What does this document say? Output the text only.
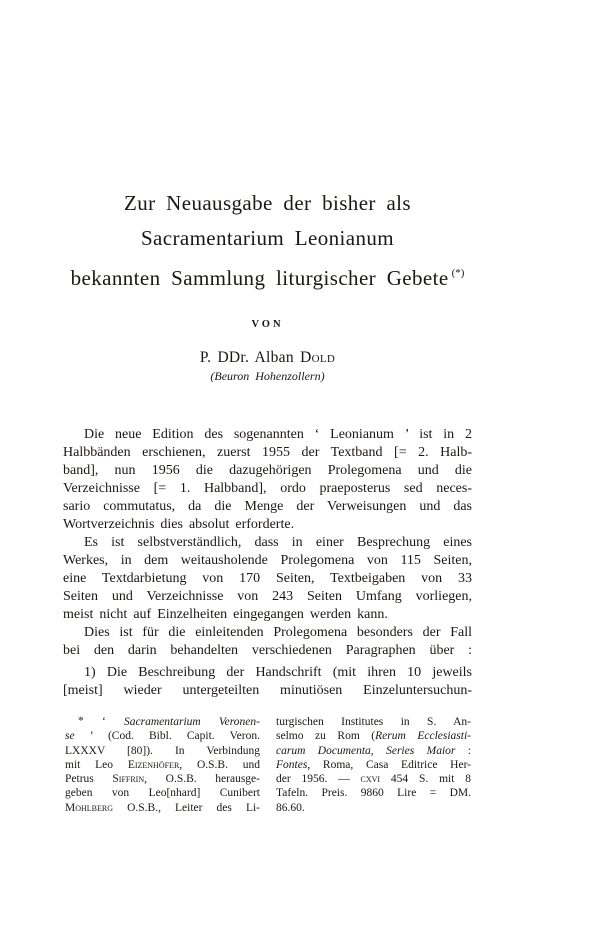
Zur Neuausgabe der bisher als
Sacramentarium Leonianum
bekannten Sammlung liturgischer Gebete (*)
VON
P. DDr. Alban Dold
(Beuron Hohenzollern)
Die neue Edition des sogenannten ‘ Leonianum ’ ist in 2
Halbbänden erschienen, zuerst 1955 der Textband [= 2. Halb-
band], nun 1956 die dazugehörigen Prolegomena und die
Verzeichnisse [= 1. Halbband], ordo praeposterus sed neces-
sario commutatus, da die Menge der Verweisungen und das
Wortverzeichnis dies absolut erforderte.
Es ist selbstverständlich, dass in einer Besprechung eines
Werkes, in dem weitausholende Prolegomena von 115 Seiten,
eine Textdarbietung von 170 Seiten, Textbeigaben von 33
Seiten und Verzeichnisse von 243 Seiten Umfang vorliegen,
meist nicht auf Einzelheiten eingegangen werden kann.
Dies ist für die einleitenden Prolegomena besonders der Fall
bei den darin behandelten verschiedenen Paragraphen über :
1) Die Beschreibung der Handschrift (mit ihren 10 jeweils
[meist] wieder untergeteilten minutiösen Einzeluntersuchun-
* ‘ Sacramentarium Veronen-
se ’ (Cod. Bibl. Capit. Veron.
LXXXV [80]). In Verbindung
mit Leo Eizenhöfer, O.S.B. und
Petrus Siffrin, O.S.B. herausge-
geben von Leo[nhard] Cunibert
Mohlberg O.S.B., Leiter des Li-
turgischen Institutes in S. An-
selmo zu Rom (Rerum Ecclesiasti-
carum Documenta, Series Maior :
Fontes, Roma, Casa Editrice Her-
der 1956. — cxvi 454 S. mit 8
Tafeln. Preis. 9860 Lire = DM.
86.60.
